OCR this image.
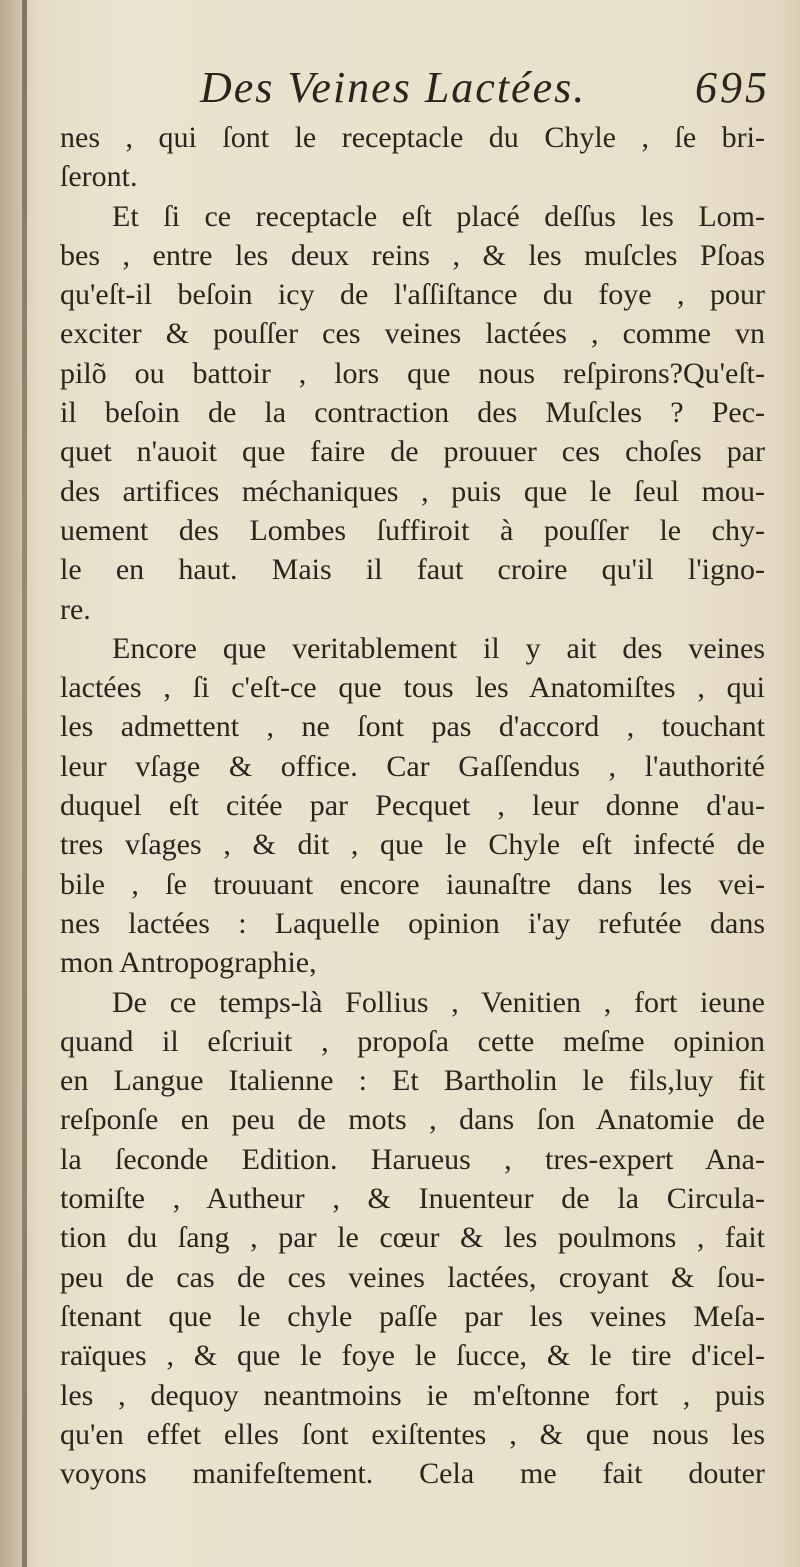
Des Veines Lactées. 695
nes , qui ſont le receptacle du Chyle , ſe bri-
ſeront.
Et ſi ce receptacle eſt placé deſſus les Lom-
bes , entre les deux reins , & les muſcles Pſoas
qu'eſt-il beſoin icy de l'aſſiſtance du foye , pour
exciter & pouſſer ces veines lactées , comme vn
pilõ ou battoir , lors que nous reſpirons?Qu'eſt-
il beſoin de la contraction des Muſcles ? Pec-
quet n'auoit que faire de prouuer ces choſes par
des artifices méchaniques , puis que le ſeul mou-
uement des Lombes ſuffiroit à pouſſer le chy-
le en haut. Mais il faut croire qu'il l'igno-
re.
Encore que veritablement il y ait des veines
lactées , ſi c'eſt-ce que tous les Anatomiſtes , qui
les admettent , ne ſont pas d'accord , touchant
leur vſage & office. Car Gaſſendus , l'authorité
duquel eſt citée par Pecquet , leur donne d'au-
tres vſages , & dit , que le Chyle eſt infecté de
bile , ſe trouuant encore iaunaſtre dans les vei-
nes lactées : Laquelle opinion i'ay refutée dans
mon Antropographie,
De ce temps-là Follius , Venitien , fort ieune
quand il eſcriuit , propoſa cette meſme opinion
en Langue Italienne : Et Bartholin le fils,luy fit
reſponſe en peu de mots , dans ſon Anatomie de
la ſeconde Edition. Harueus , tres-expert Ana-
tomiſte , Autheur , & Inuenteur de la Circula-
tion du ſang , par le cœur & les poulmons , fait
peu de cas de ces veines lactées, croyant & ſou-
ſtenant que le chyle paſſe par les veines Meſa-
raïques , & que le foye le ſucce, & le tire d'icel-
les , dequoy neantmoins ie m'eſtonne fort , puis
qu'en effet elles ſont exiſtentes , & que nous les
voyons manifeſtement. Cela me fait douter
